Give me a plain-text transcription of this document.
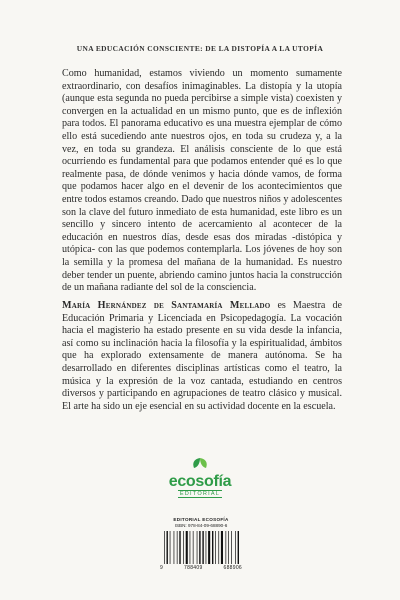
UNA EDUCACIÓN CONSCIENTE: DE LA DISTOPÍA A LA UTOPÍA
Como humanidad, estamos viviendo un momento sumamente extraordinario, con desafíos inimaginables. La distopía y la utopía (aunque esta segunda no pueda percibirse a simple vista) coexisten y convergen en la actualidad en un mismo punto, que es de inflexión para todos. El panorama educativo es una muestra ejemplar de cómo ello está sucediendo ante nuestros ojos, en toda su crudeza y, a la vez, en toda su grandeza. El análisis consciente de lo que está ocurriendo es fundamental para que podamos entender qué es lo que realmente pasa, de dónde venimos y hacia dónde vamos, de forma que podamos hacer algo en el devenir de los acontecimientos que entre todos estamos creando. Dado que nuestros niños y adolescentes son la clave del futuro inmediato de esta humanidad, este libro es un sencillo y sincero intento de acercamiento al acontecer de la educación en nuestros días, desde esas dos miradas -distópica y utópica- con las que podemos contemplarla. Los jóvenes de hoy son la semilla y la promesa del mañana de la humanidad. Es nuestro deber tender un puente, abriendo camino juntos hacia la construcción de un mañana radiante del sol de la consciencia.
María Hernández de Santamaría Mellado es Maestra de Educación Primaria y Licenciada en Psicopedagogía. La vocación hacia el magisterio ha estado presente en su vida desde la infancia, así como su inclinación hacia la filosofía y la espiritualidad, ámbitos que ha explorado extensamente de manera autónoma. Se ha desarrollado en diferentes disciplinas artísticas como el teatro, la música y la expresión de la voz cantada, estudiando en centros diversos y participando en agrupaciones de teatro clásico y musical. El arte ha sido un eje esencial en su actividad docente en la escuela.
ecosofía
EDITORIAL
EDITORIAL ECOSOFÍA
ISBN: 978-84-09-68890-6
9	788409	688906
